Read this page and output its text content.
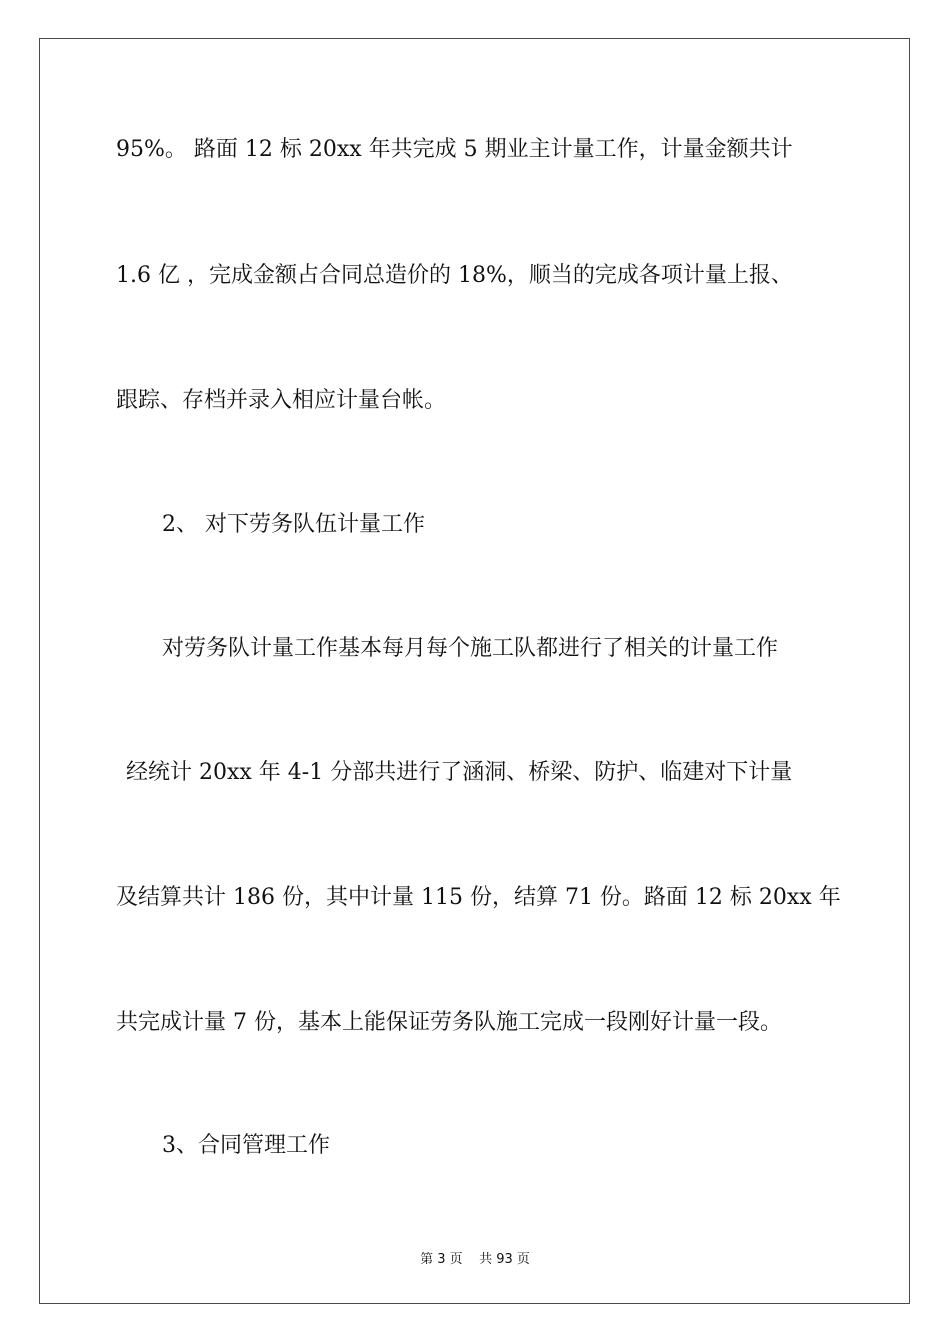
95%。 路面 12 标 20xx 年共完成 5 期业主计量工作，计量金额共计
1.6 亿 ，完成金额占合同总造价的 18%，顺当的完成各项计量上报、
跟踪、存档并录入相应计量台帐。
2、 对下劳务队伍计量工作
对劳务队计量工作基本每月每个施工队都进行了相关的计量工作
经统计 20xx 年 4-1 分部共进行了涵洞、桥梁、防护、临建对下计量
及结算共计 186 份，其中计量 115 份，结算 71 份。路面 12 标 20xx 年
共完成计量 7 份，基本上能保证劳务队施工完成一段刚好计量一段。
3、合同管理工作
第 3 页    共 93 页
